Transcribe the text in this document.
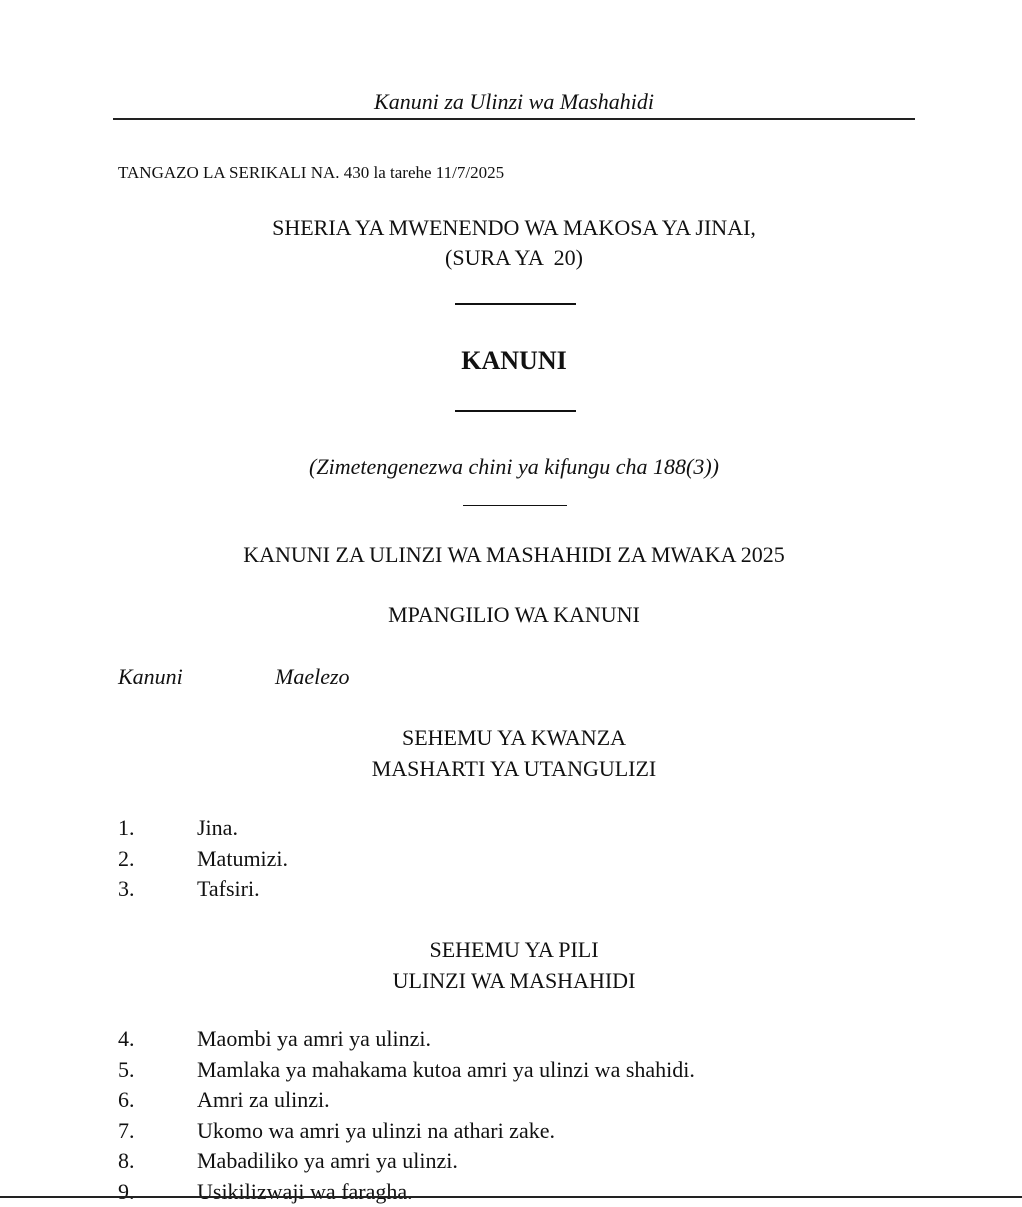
Kanuni za Ulinzi wa Mashahidi
TANGAZO LA SERIKALI NA. 430 la tarehe 11/7/2025
SHERIA YA MWENENDO WA MAKOSA YA JINAI,
(SURA YA  20)
KANUNI
(Zimetengenezwa chini ya kifungu cha 188(3))
KANUNI ZA ULINZI WA MASHAHIDI ZA MWAKA 2025
MPANGILIO WA KANUNI
Kanuni	Maelezo
SEHEMU YA KWANZA
MASHARTI YA UTANGULIZI
1.	Jina.
2.	Matumizi.
3.	Tafsiri.
SEHEMU YA PILI
ULINZI WA MASHAHIDI
4.	Maombi ya amri ya ulinzi.
5.	Mamlaka ya mahakama kutoa amri ya ulinzi wa shahidi.
6.	Amri za ulinzi.
7.	Ukomo wa amri ya ulinzi na athari zake.
8.	Mabadiliko ya amri ya ulinzi.
9.	Usikilizwaji wa faragha.
